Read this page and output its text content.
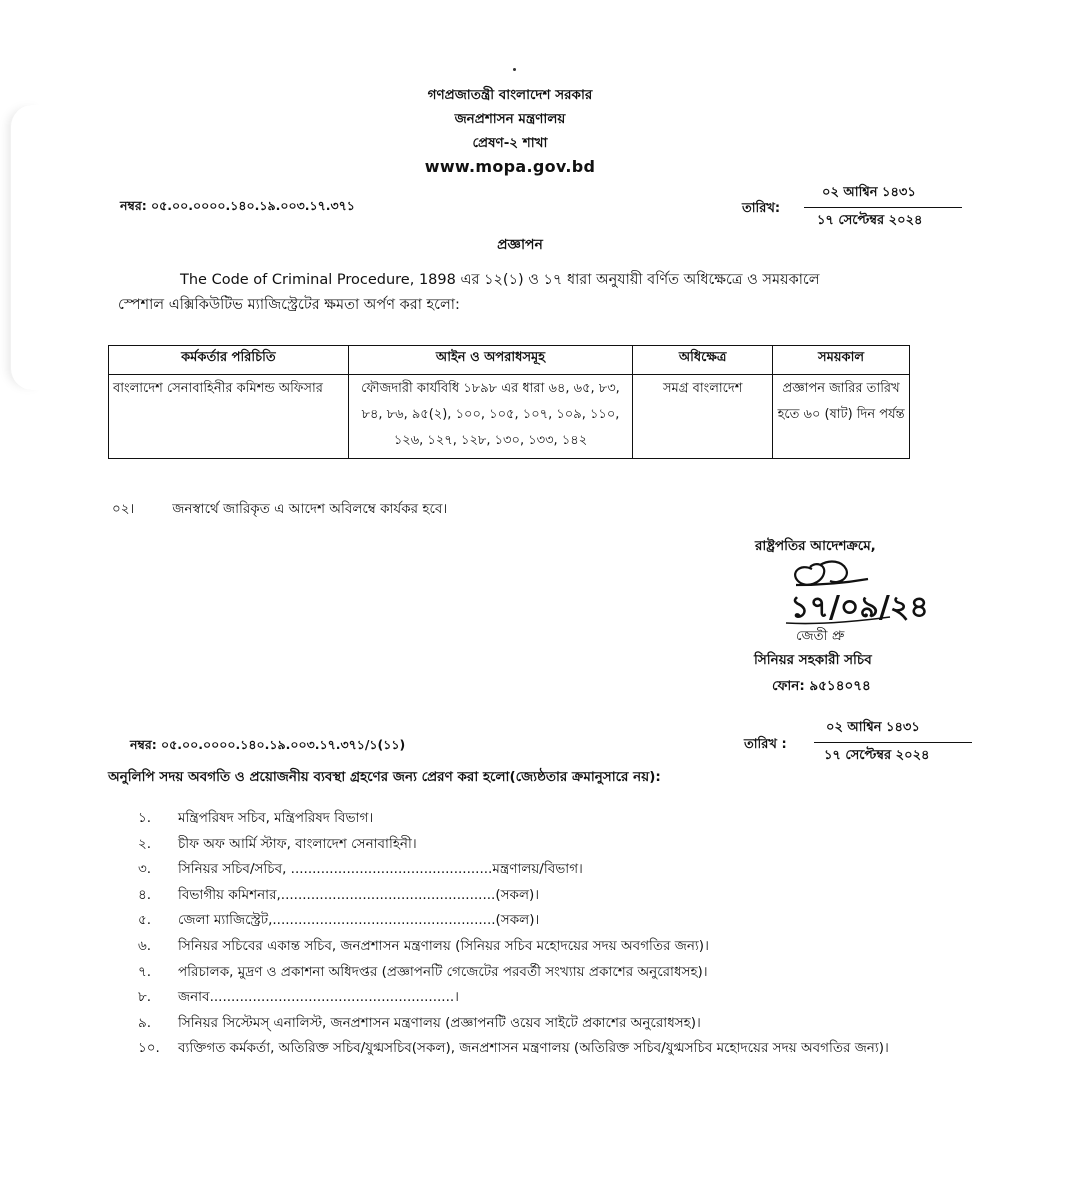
গণপ্রজাতন্ত্রী বাংলাদেশ সরকার
জনপ্রশাসন মন্ত্রণালয়
প্রেষণ-২ শাখা
www.mopa.gov.bd
নম্বর: ০৫.০০.০০০০.১৪০.১৯.০০৩.১৭.৩৭১	তারিখ:
০২ আশ্বিন ১৪৩১
১৭ সেপ্টেম্বর ২০২৪
প্রজ্ঞাপন
The Code of Criminal Procedure, 1898 এর ১২(১) ও ১৭ ধারা অনুযায়ী বর্ণিত অধিক্ষেত্রে ও সময়কালে
স্পেশাল এক্সিকিউটিভ ম্যাজিস্ট্রেটের ক্ষমতা অর্পণ করা হলো:
কর্মকর্তার পরিচিতি	আইন ও অপরাধসমূহ	অধিক্ষেত্র	সময়কাল
বাংলাদেশ সেনাবাহিনীর কমিশন্ড অফিসার	ফৌজদারী কার্যবিধি ১৮৯৮ এর ধারা ৬৪, ৬৫, ৮৩, ৮৪, ৮৬, ৯৫(২), ১০০, ১০৫, ১০৭, ১০৯, ১১০, ১২৬, ১২৭, ১২৮, ১৩০, ১৩৩, ১৪২	সমগ্র বাংলাদেশ	প্রজ্ঞাপন জারির তারিখ হতে ৬০ (ষাট) দিন পর্যন্ত
০২।	জনস্বার্থে জারিকৃত এ আদেশ অবিলম্বে কার্যকর হবে।
রাষ্ট্রপতির আদেশক্রমে,
১৭/০৯/২৪
জেতী প্রু
সিনিয়র সহকারী সচিব
ফোন: ৯৫১৪০৭৪
নম্বর: ০৫.০০.০০০০.১৪০.১৯.০০৩.১৭.৩৭১/১(১১)	তারিখ :
০২ আশ্বিন ১৪৩১
১৭ সেপ্টেম্বর ২০২৪
অনুলিপি সদয় অবগতি ও প্রয়োজনীয় ব্যবস্থা গ্রহণের জন্য প্রেরণ করা হলো(জ্যেষ্ঠতার ক্রমানুসারে নয়):
১.	মন্ত্রিপরিষদ সচিব, মন্ত্রিপরিষদ বিভাগ।
২.	চীফ অফ আর্মি স্টাফ, বাংলাদেশ সেনাবাহিনী।
৩.	সিনিয়র সচিব/সচিব, ...............................................মন্ত্রণালয়/বিভাগ।
৪.	বিভাগীয় কমিশনার,..................................................(সকল)।
৫.	জেলা ম্যাজিস্ট্রেট,....................................................(সকল)।
৬.	সিনিয়র সচিবের একান্ত সচিব, জনপ্রশাসন মন্ত্রণালয় (সিনিয়র সচিব মহোদয়ের সদয় অবগতির জন্য)।
৭.	পরিচালক, মুদ্রণ ও প্রকাশনা অধিদপ্তর (প্রজ্ঞাপনটি গেজেটের পরবর্তী সংখ্যায় প্রকাশের অনুরোধসহ)।
৮.	জনাব.........................................................।
৯.	সিনিয়র সিস্টেমস্ এনালিস্ট, জনপ্রশাসন মন্ত্রণালয় (প্রজ্ঞাপনটি ওয়েব সাইটে প্রকাশের অনুরোধসহ)।
১০.	ব্যক্তিগত কর্মকর্তা, অতিরিক্ত সচিব/যুগ্মসচিব(সকল), জনপ্রশাসন মন্ত্রণালয় (অতিরিক্ত সচিব/যুগ্মসচিব মহোদয়ের সদয় অবগতির জন্য)।
